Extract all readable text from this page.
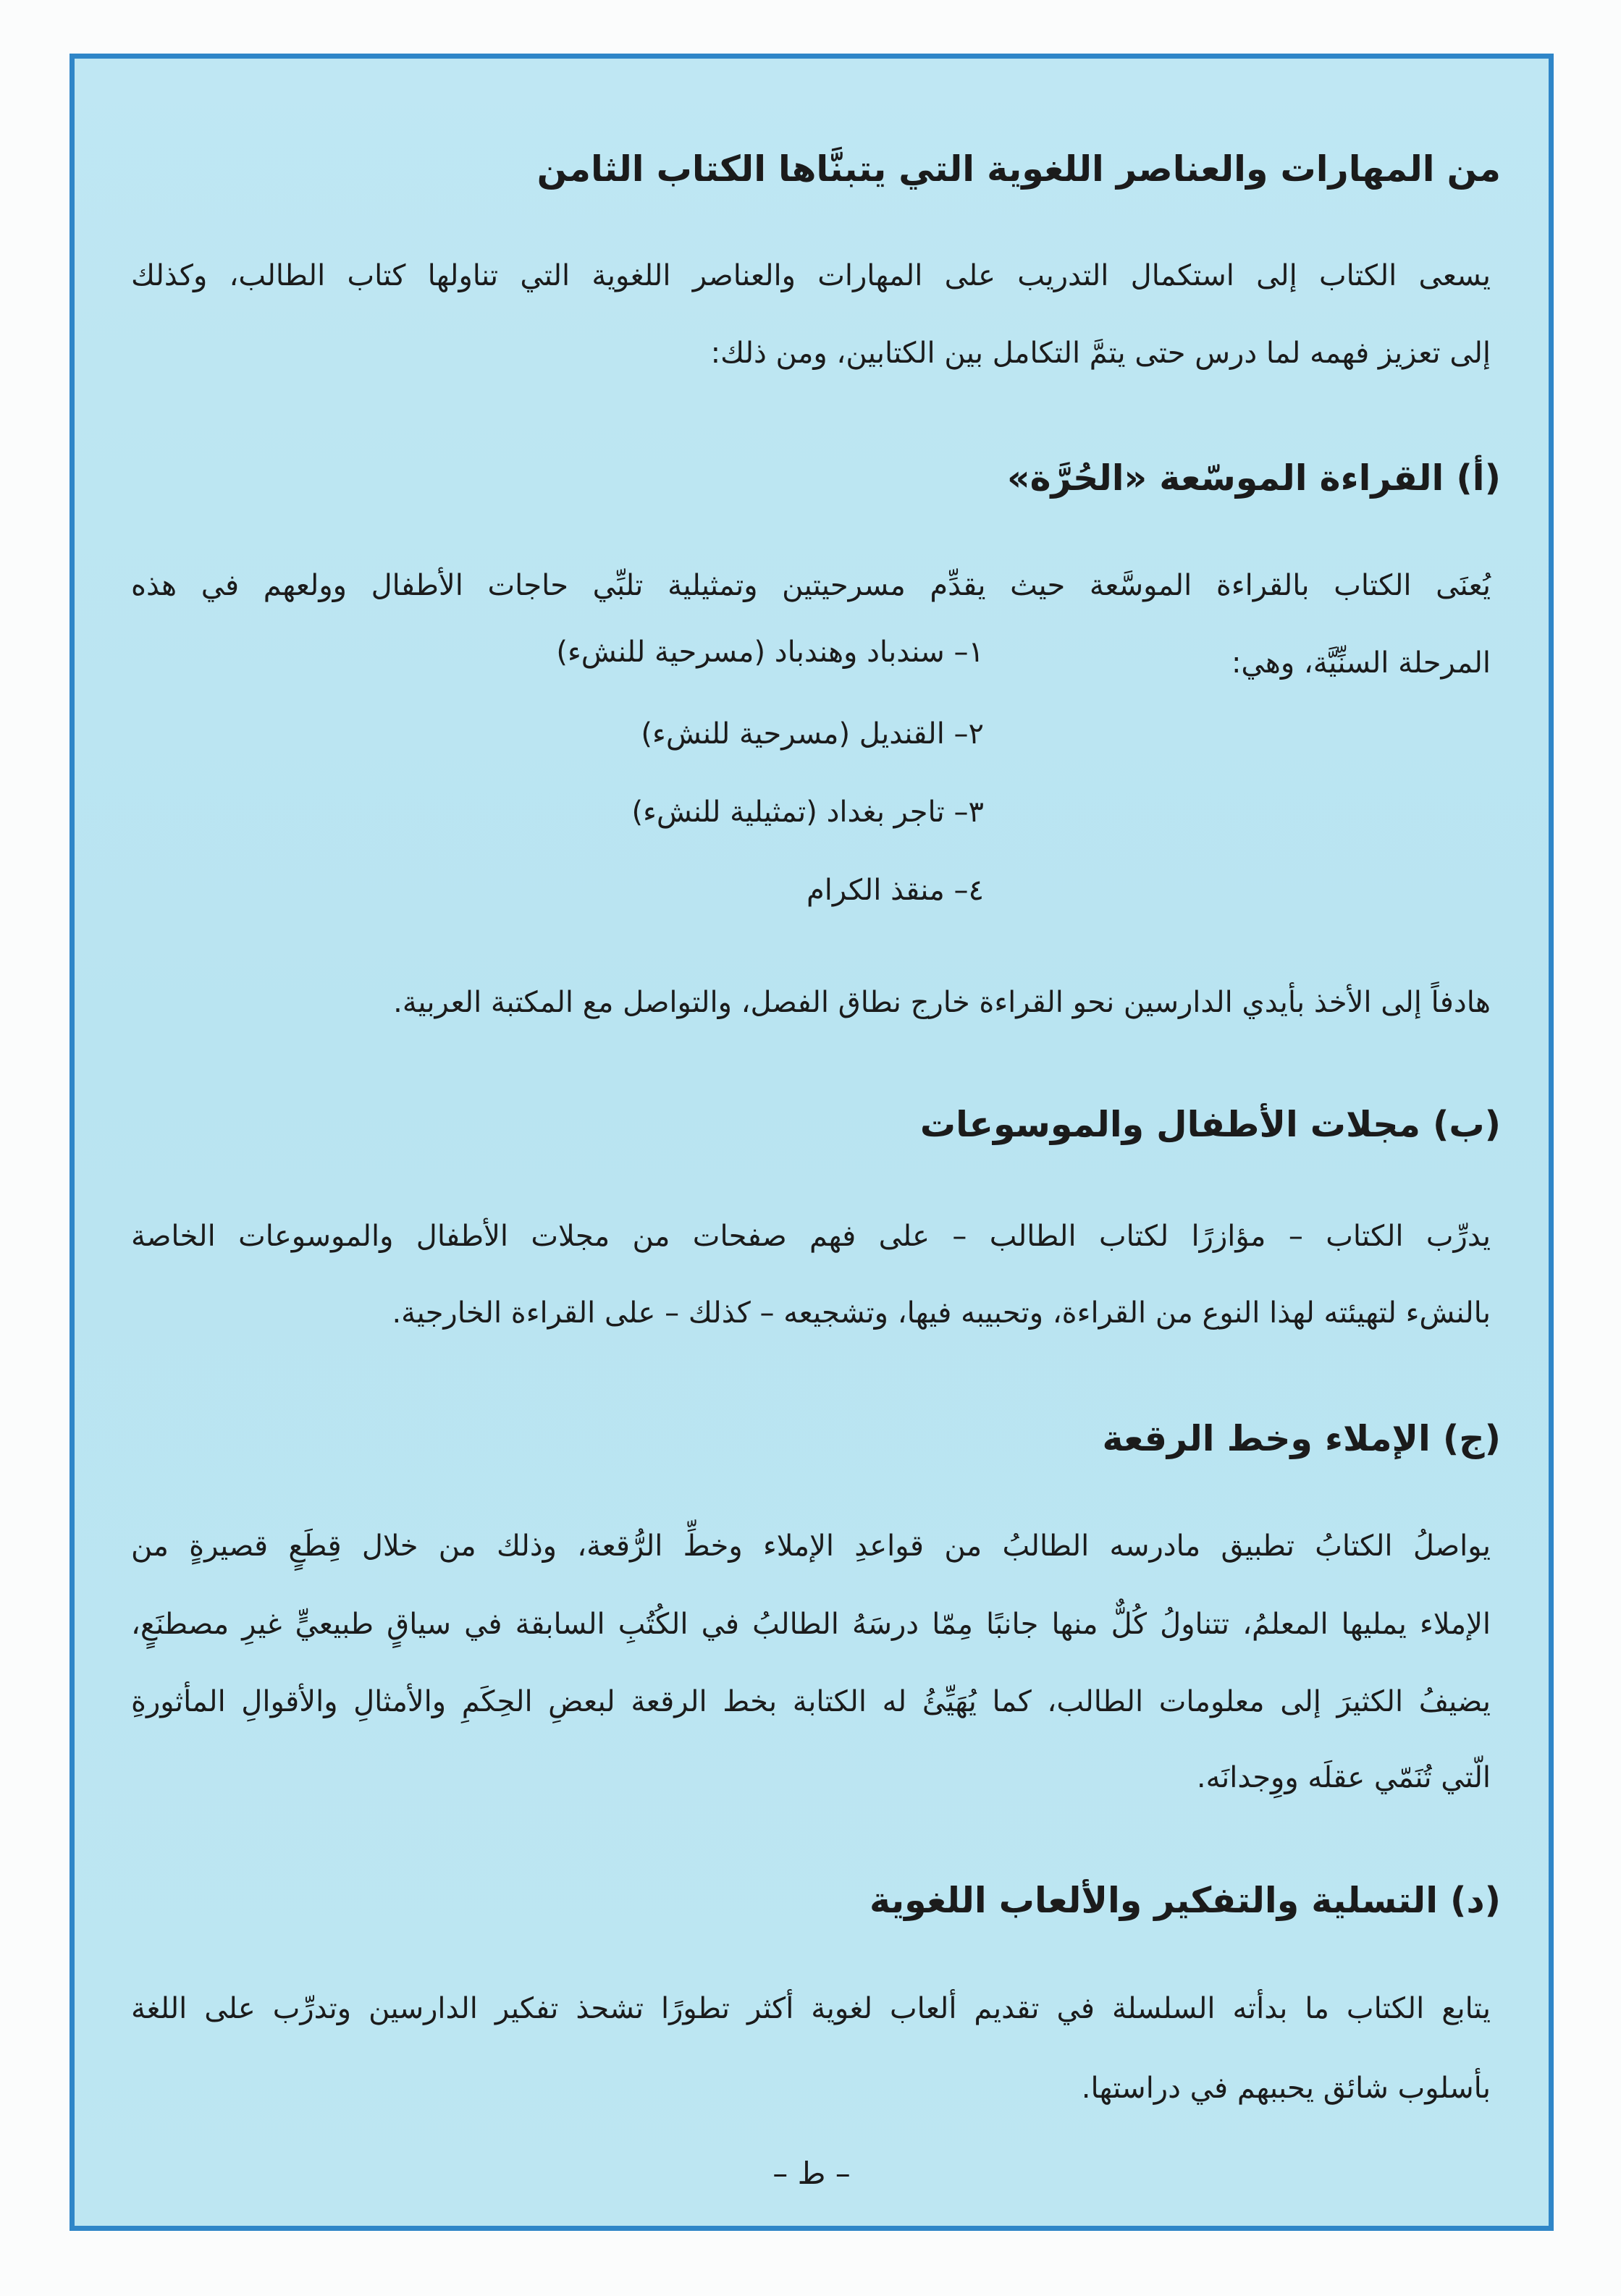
من المهارات والعناصر اللغوية التي يتبنَّاها الكتاب الثامن
يسعى الكتاب إلى استكمال التدريب على المهارات والعناصر اللغوية التي تناولها كتاب الطالب، وكذلك
إلى تعزيز فهمه لما درس حتى يتمَّ التكامل بين الكتابين، ومن ذلك:
(أ) القراءة الموسّعة «الحُرَّة»
يُعنَى الكتاب بالقراءة الموسَّعة حيث يقدِّم مسرحيتين وتمثيلية تلبِّي حاجات الأطفال وولعهم في هذه
المرحلة السنِّيَّة، وهي:
١– سندباد وهندباد (مسرحية للنشء)
٢– القنديل (مسرحية للنشء)
٣– تاجر بغداد (تمثيلية للنشء)
٤– منقذ الكرام
هادفاً إلى الأخذ بأيدي الدارسين نحو القراءة خارج نطاق الفصل، والتواصل مع المكتبة العربية.
(ب) مجلات الأطفال والموسوعات
يدرِّب الكتاب – مؤازرًا لكتاب الطالب – على فهم صفحات من مجلات الأطفال والموسوعات الخاصة
بالنشء لتهيئته لهذا النوع من القراءة، وتحبيبه فيها، وتشجيعه – كذلك – على القراءة الخارجية.
(ج) الإملاء وخط الرقعة
يواصلُ الكتابُ تطبيق مادرسه الطالبُ من قواعدِ الإملاء وخطِّ الرُّقعة، وذلك من خلال قِطَعٍ قصيرةٍ من
الإملاء يمليها المعلمُ، تتناولُ كُلٌّ منها جانبًا مِمّا درسَهُ الطالبُ في الكُتُبِ السابقة في سياقٍ طبيعيٍّ غيرِ مصطنَعٍ،
يضيفُ الكثيرَ إلى معلومات الطالب، كما يُهَيِّئُ له الكتابة بخط الرقعة لبعضِ الحِكَمِ والأمثالِ والأقوالِ المأثورةِ
الّتي تُنَمّي عقلَه ووِجدانَه.
(د) التسلية والتفكير والألعاب اللغوية
يتابع الكتاب ما بدأته السلسلة في تقديم ألعاب لغوية أكثر تطورًا تشحذ تفكير الدارسين وتدرِّب على اللغة
بأسلوب شائق يحببهم في دراستها.
– ط –
